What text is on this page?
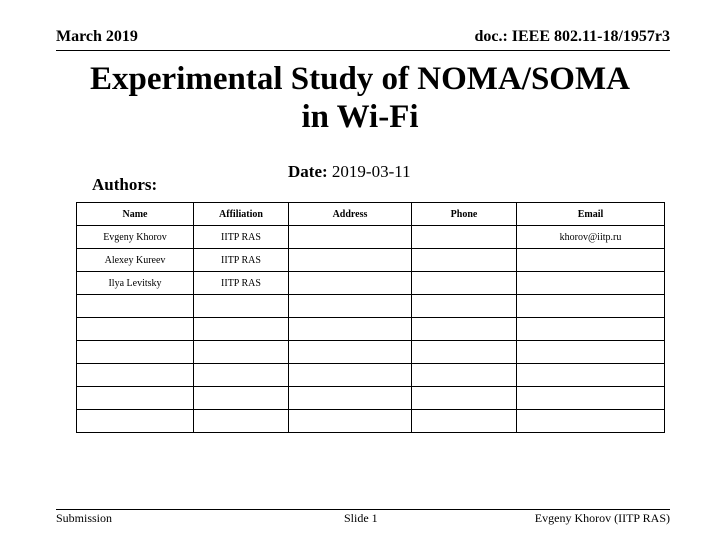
March 2019	doc.: IEEE 802.11-18/1957r3
Experimental Study of NOMA/SOMA
in Wi-Fi
Date: 2019-03-11
Authors:
Name	Affiliation	Address	Phone	Email
Evgeny Khorov	IITP RAS			khorov@iitp.ru
Alexey Kureev	IITP RAS			
Ilya Levitsky	IITP RAS			

Submission	Slide 1	Evgeny Khorov (IITP RAS)
